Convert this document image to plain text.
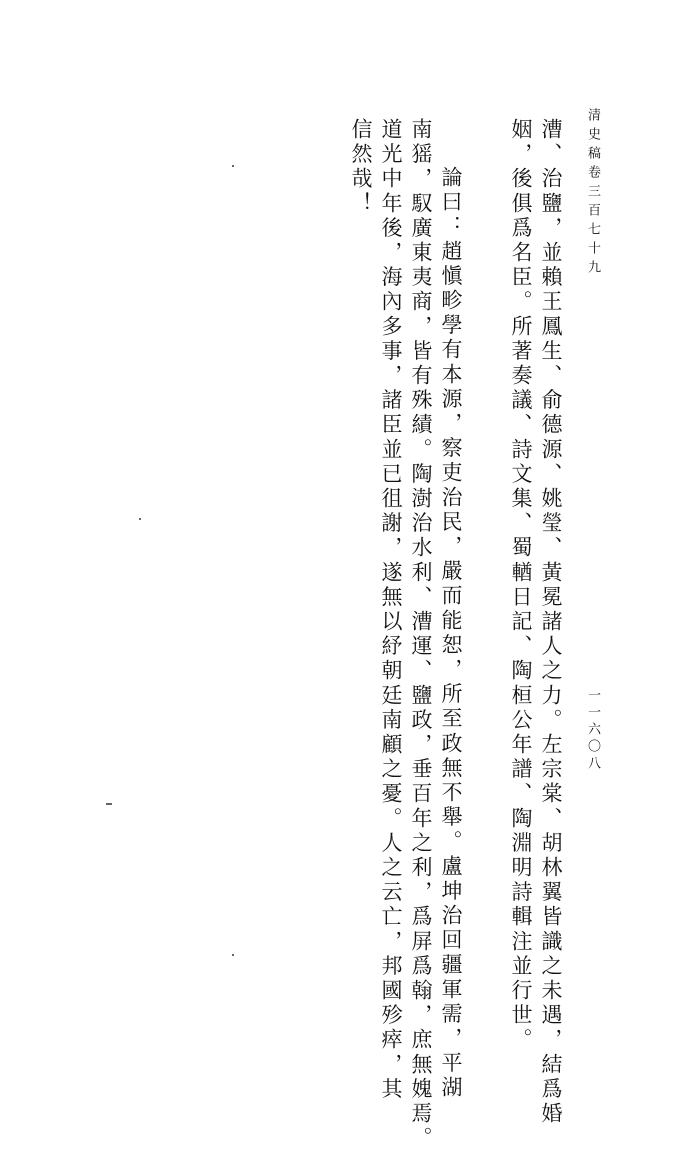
清史稿卷三百七十九
一一六〇八
漕、治鹽，並賴王鳳生、俞德源、姚瑩、黃冕諸人之力。左宗棠、胡林翼皆識之未遇，結爲婚
姻，後俱爲名臣。所著奏議、詩文集、蜀輶日記、陶桓公年譜、陶淵明詩輯注並行世。
論曰：趙愼畛學有本源，察吏治民，嚴而能恕，所至政無不舉。盧坤治回疆軍需，平湖
南猺，馭廣東夷商，皆有殊績。陶澍治水利、漕運、鹽政，垂百年之利，爲屏爲翰，庶無媿焉。
道光中年後，海內多事，諸臣並已徂謝，遂無以紓朝廷南顧之憂。人之云亡，邦國殄瘁，其
信然哉！
